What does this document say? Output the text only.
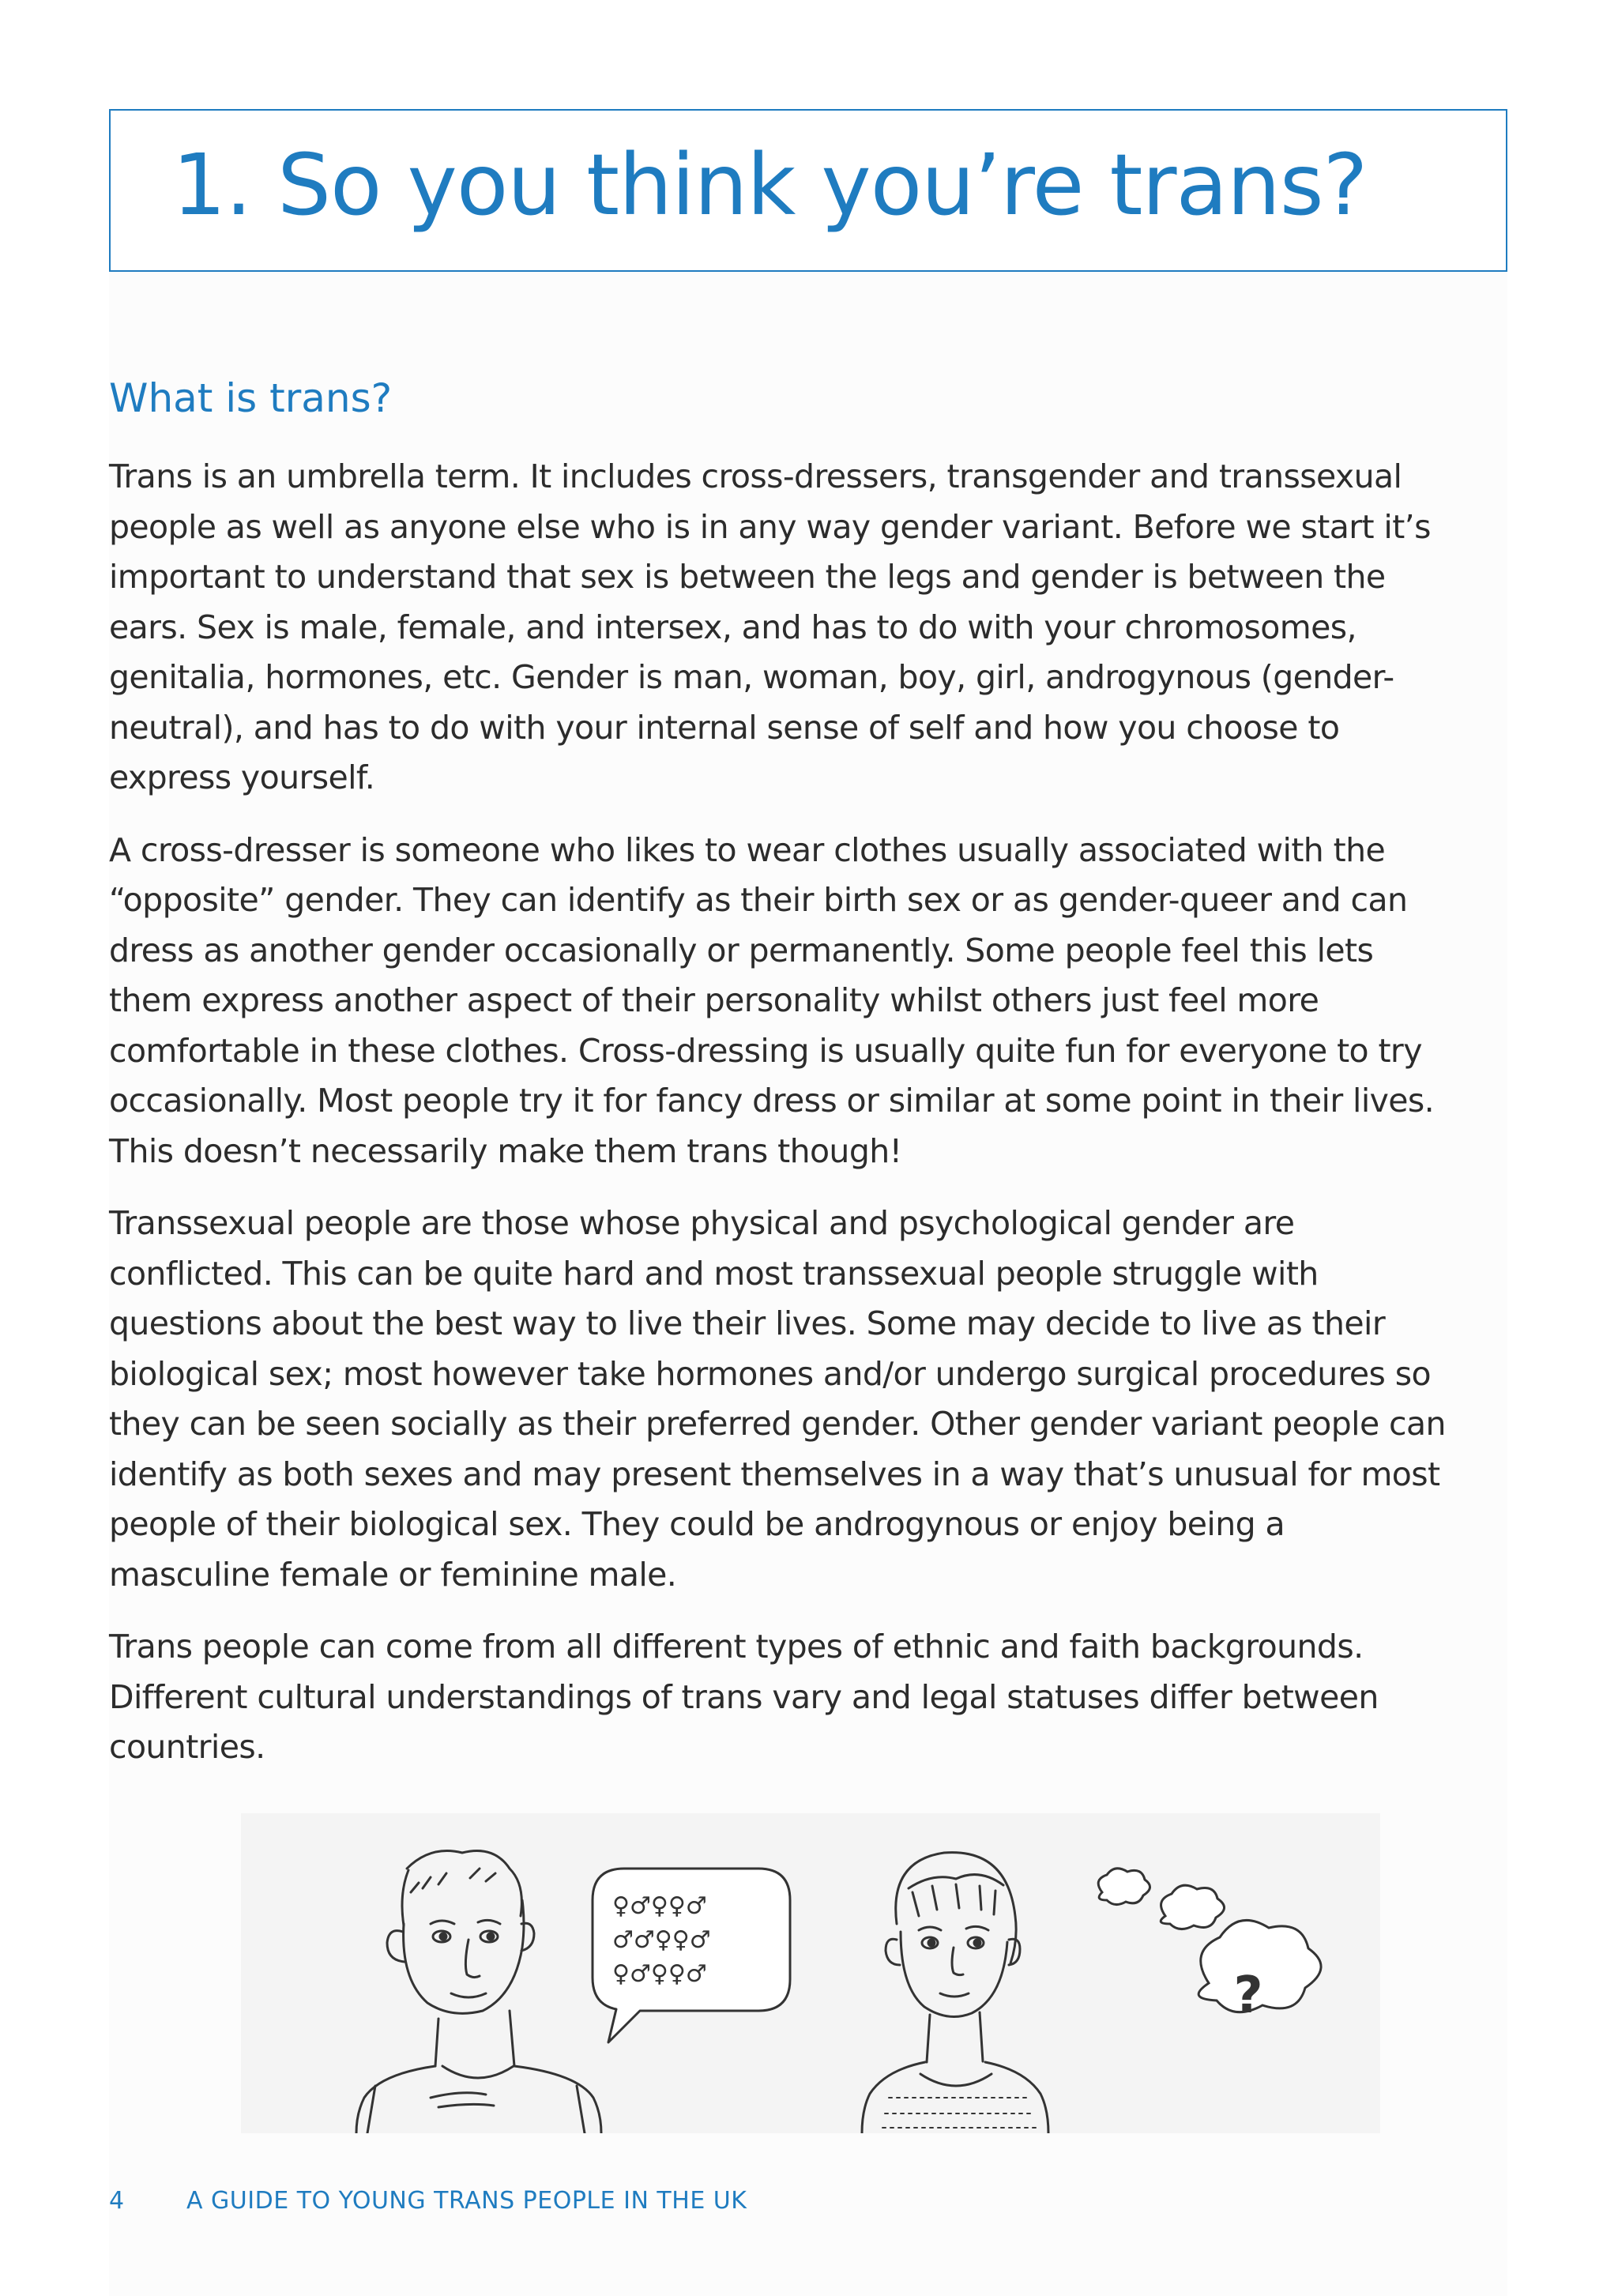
1. So you think you’re trans?
What is trans?

Trans is an umbrella term. It includes cross-dressers, transgender and transsexual
people as well as anyone else who is in any way gender variant. Before we start it’s
important to understand that sex is between the legs and gender is between the
ears. Sex is male, female, and intersex, and has to do with your chromosomes,
genitalia, hormones, etc. Gender is man, woman, boy, girl, androgynous (gender-
neutral), and has to do with your internal sense of self and how you choose to
express yourself.

A cross-dresser is someone who likes to wear clothes usually associated with the
“opposite” gender. They can identify as their birth sex or as gender-queer and can
dress as another gender occasionally or permanently. Some people feel this lets
them express another aspect of their personality whilst others just feel more
comfortable in these clothes. Cross-dressing is usually quite fun for everyone to try
occasionally. Most people try it for fancy dress or similar at some point in their lives.
This doesn’t necessarily make them trans though!

Transsexual people are those whose physical and psychological gender are
conflicted. This can be quite hard and most transsexual people struggle with
questions about the best way to live their lives. Some may decide to live as their
biological sex; most however take hormones and/or undergo surgical procedures so
they can be seen socially as their preferred gender. Other gender variant people can
identify as both sexes and may present themselves in a way that’s unusual for most
people of their biological sex. They could be androgynous or enjoy being a
masculine female or feminine male.

Trans people can come from all different types of ethnic and faith backgrounds.
Different cultural understandings of trans vary and legal statuses differ between
countries.

♀♂♀♀♂
♂♂♀♀♂
♀♂♀♀♂	?
4	A GUIDE TO YOUNG TRANS PEOPLE IN THE UK
